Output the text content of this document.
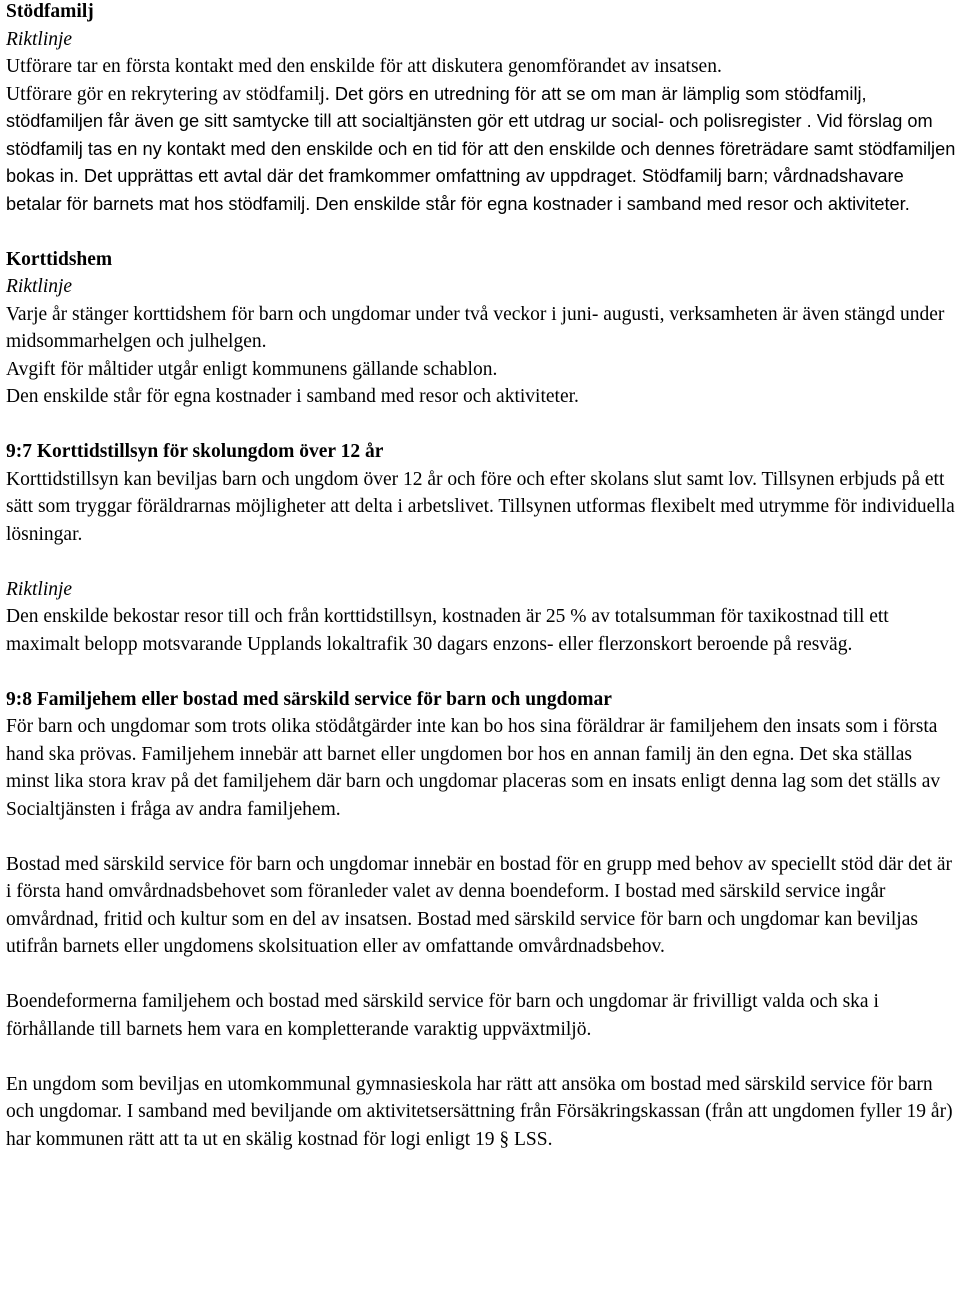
Stödfamilj
Riktlinje

Utförare tar en första kontakt med den enskilde för att diskutera genomförandet av insatsen.

Utförare gör en rekrytering av stödfamilj. Det görs en utredning för att se om man är lämplig som stödfamilj, stödfamiljen får även ge sitt samtycke till att socialtjänsten gör ett utdrag ur social- och polisregister . Vid förslag om stödfamilj tas en ny kontakt med den enskilde och en tid för att den enskilde och dennes företrädare samt stödfamiljen bokas in. Det upprättas ett avtal där det framkommer omfattning av uppdraget. Stödfamilj barn; vårdnadshavare betalar för barnets mat hos stödfamilj. Den enskilde står för egna kostnader i samband med resor och aktiviteter.

Korttidshem
Riktlinje

Varje år stänger korttidshem för barn och ungdomar under två veckor i juni- augusti, verksamheten är även stängd under midsommarhelgen och julhelgen.

Avgift för måltider utgår enligt kommunens gällande schablon.

Den enskilde står för egna kostnader i samband med resor och aktiviteter.

9:7 Korttidstillsyn för skolungdom över 12 år

Korttidstillsyn kan beviljas barn och ungdom över 12 år och före och efter skolans slut samt lov. Tillsynen erbjuds på ett sätt som tryggar föräldrarnas möjligheter att delta i arbetslivet. Tillsynen utformas flexibelt med utrymme för individuella lösningar.

Riktlinje

Den enskilde bekostar resor till och från korttidstillsyn, kostnaden är 25 % av totalsumman för taxikostnad till ett maximalt belopp motsvarande Upplands lokaltrafik 30 dagars enzons- eller flerzonskort beroende på resväg.

9:8 Familjehem eller bostad med särskild service för barn och ungdomar

För barn och ungdomar som trots olika stödåtgärder inte kan bo hos sina föräldrar är familjehem den insats som i första hand ska prövas. Familjehem innebär att barnet eller ungdomen bor hos en annan familj än den egna. Det ska ställas minst lika stora krav på det familjehem där barn och ungdomar placeras som en insats enligt denna lag som det ställs av Socialtjänsten i fråga av andra familjehem.

Bostad med särskild service för barn och ungdomar innebär en bostad för en grupp med behov av speciellt stöd där det är i första hand omvårdnadsbehovet som föranleder valet av denna boendeform. I bostad med särskild service ingår omvårdnad, fritid och kultur som en del av insatsen. Bostad med särskild service för barn och ungdomar kan beviljas utifrån barnets eller ungdomens skolsituation eller av omfattande omvårdnadsbehov.

Boendeformerna familjehem och bostad med särskild service för barn och ungdomar är frivilligt valda och ska i förhållande till barnets hem vara en kompletterande varaktig uppväxtmiljö.

En ungdom som beviljas en utomkommunal gymnasieskola har rätt att ansöka om bostad med särskild service för barn och ungdomar. I samband med beviljande om aktivitetsersättning från Försäkringskassan (från att ungdomen fyller 19 år) har kommunen rätt att ta ut en skälig kostnad för logi enligt 19 § LSS.
